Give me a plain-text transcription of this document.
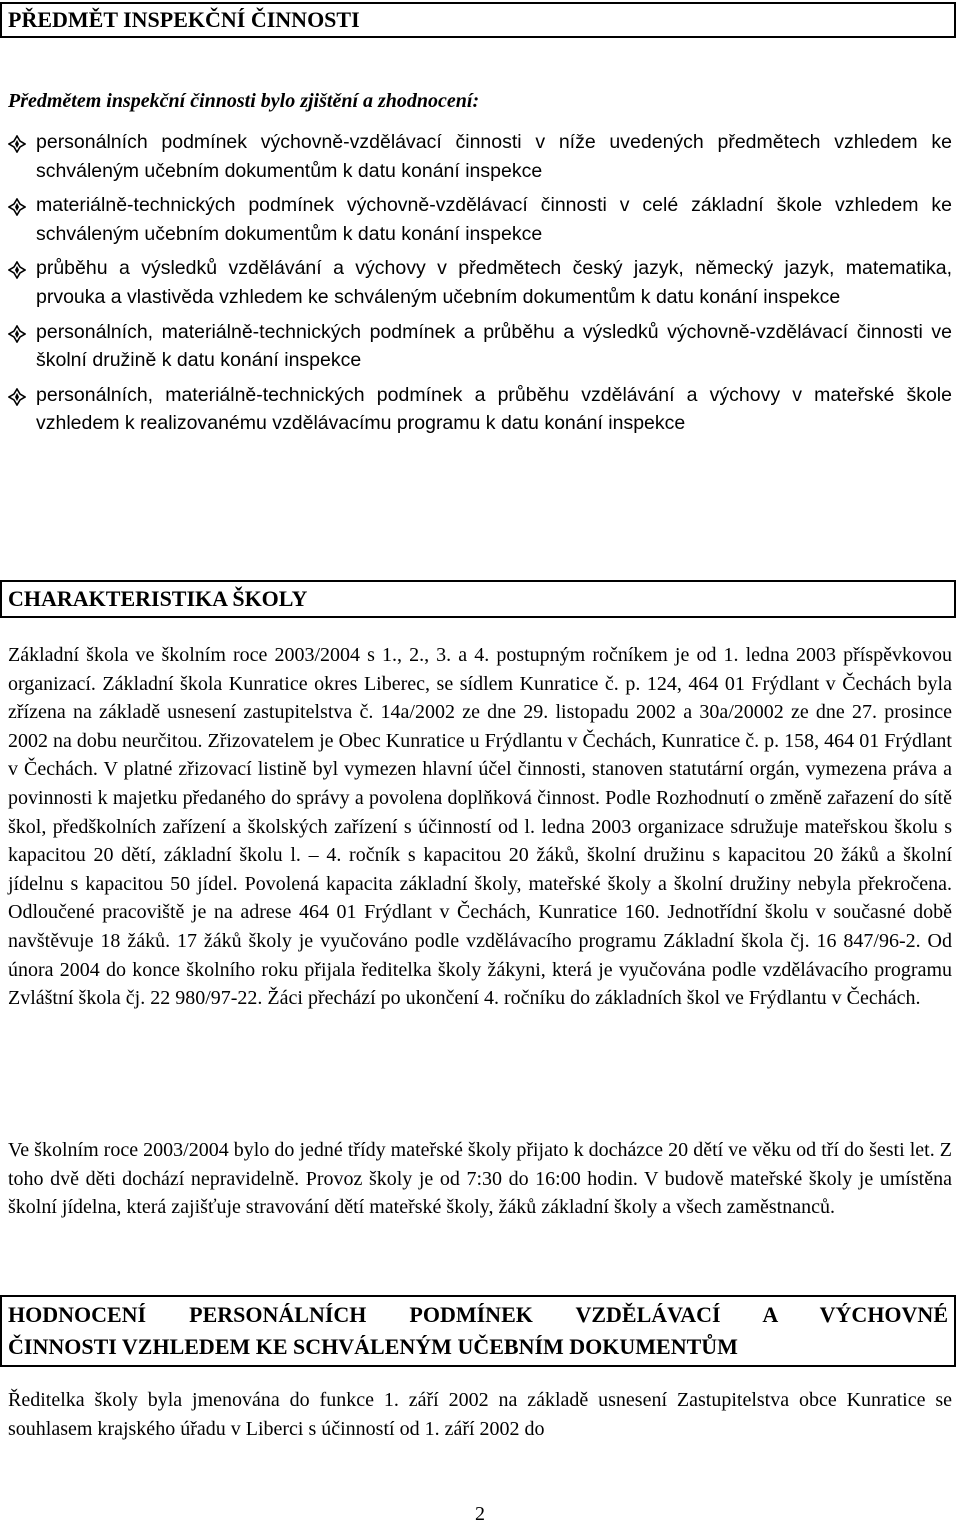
PŘEDMĚT INSPEKČNÍ ČINNOSTI
Předmětem inspekční činnosti bylo zjištění a zhodnocení:
personálních podmínek výchovně-vzdělávací činnosti v níže uvedených předmětech vzhledem ke schváleným učebním dokumentům k datu konání inspekce
materiálně-technických podmínek výchovně-vzdělávací činnosti v celé základní škole vzhledem ke schváleným učebním dokumentům k datu konání inspekce
průběhu a výsledků vzdělávání a výchovy v předmětech český jazyk, německý jazyk, matematika, prvouka a vlastivěda vzhledem ke schváleným učebním dokumentům k datu konání inspekce
personálních, materiálně-technických podmínek a průběhu a výsledků výchovně-vzdělávací činnosti ve školní družině k datu konání inspekce
personálních, materiálně-technických podmínek a průběhu vzdělávání a výchovy v mateřské škole vzhledem k realizovanému vzdělávacímu programu k datu konání inspekce
CHARAKTERISTIKA ŠKOLY

Základní škola ve školním roce 2003/2004 s 1., 2., 3. a 4. postupným ročníkem je od 1. ledna 2003 příspěvkovou organizací. Základní škola Kunratice okres Liberec, se sídlem Kunratice č. p. 124, 464 01 Frýdlant v Čechách byla zřízena na základě usnesení zastupitelstva č. 14a/2002 ze dne 29. listopadu 2002 a 30a/20002 ze dne 27. prosince 2002 na dobu neurčitou. Zřizovatelem je Obec Kunratice u Frýdlantu v Čechách, Kunratice č. p. 158, 464 01 Frýdlant v Čechách. V platné zřizovací listině byl vymezen hlavní účel činnosti, stanoven statutární orgán, vymezena práva a povinnosti k majetku předaného do správy a povolena doplňková činnost. Podle Rozhodnutí o změně zařazení do sítě škol, předškolních zařízení a školských zařízení s účinností od l. ledna 2003 organizace sdružuje mateřskou školu s kapacitou 20 dětí, základní školu l. – 4. ročník s kapacitou 20 žáků, školní družinu s kapacitou 20 žáků a školní jídelnu s kapacitou 50 jídel. Povolená kapacita základní školy, mateřské školy a školní družiny nebyla překročena. Odloučené pracoviště je na adrese 464 01 Frýdlant v Čechách, Kunratice 160. Jednotřídní školu v současné době navštěvuje 18 žáků. 17 žáků školy je vyučováno podle vzdělávacího programu Základní škola čj. 16 847/96-2. Od února 2004 do konce školního roku přijala ředitelka školy žákyni, která je vyučována podle vzdělávacího programu Zvláštní škola čj. 22 980/97-22. Žáci přechází po ukončení 4. ročníku do základních škol ve Frýdlantu v Čechách.

Ve školním roce 2003/2004 bylo do jedné třídy mateřské školy přijato k docházce 20 dětí ve věku od tří do šesti let. Z toho dvě děti dochází nepravidelně. Provoz školy je od 7:30 do 16:00 hodin. V budově mateřské školy je umístěna školní jídelna, která zajišťuje stravování dětí mateřské školy, žáků základní školy a všech zaměstnanců.

HODNOCENÍ PERSONÁLNÍCH PODMÍNEK VZDĚLÁVACÍ A VÝCHOVNÉ
ČINNOSTI VZHLEDEM KE SCHVÁLENÝM UČEBNÍM DOKUMENTŮM

Ředitelka školy byla jmenována do funkce 1. září 2002 na základě usnesení Zastupitelstva obce Kunratice se souhlasem krajského úřadu v Liberci s účinností od 1. září 2002 do

2
